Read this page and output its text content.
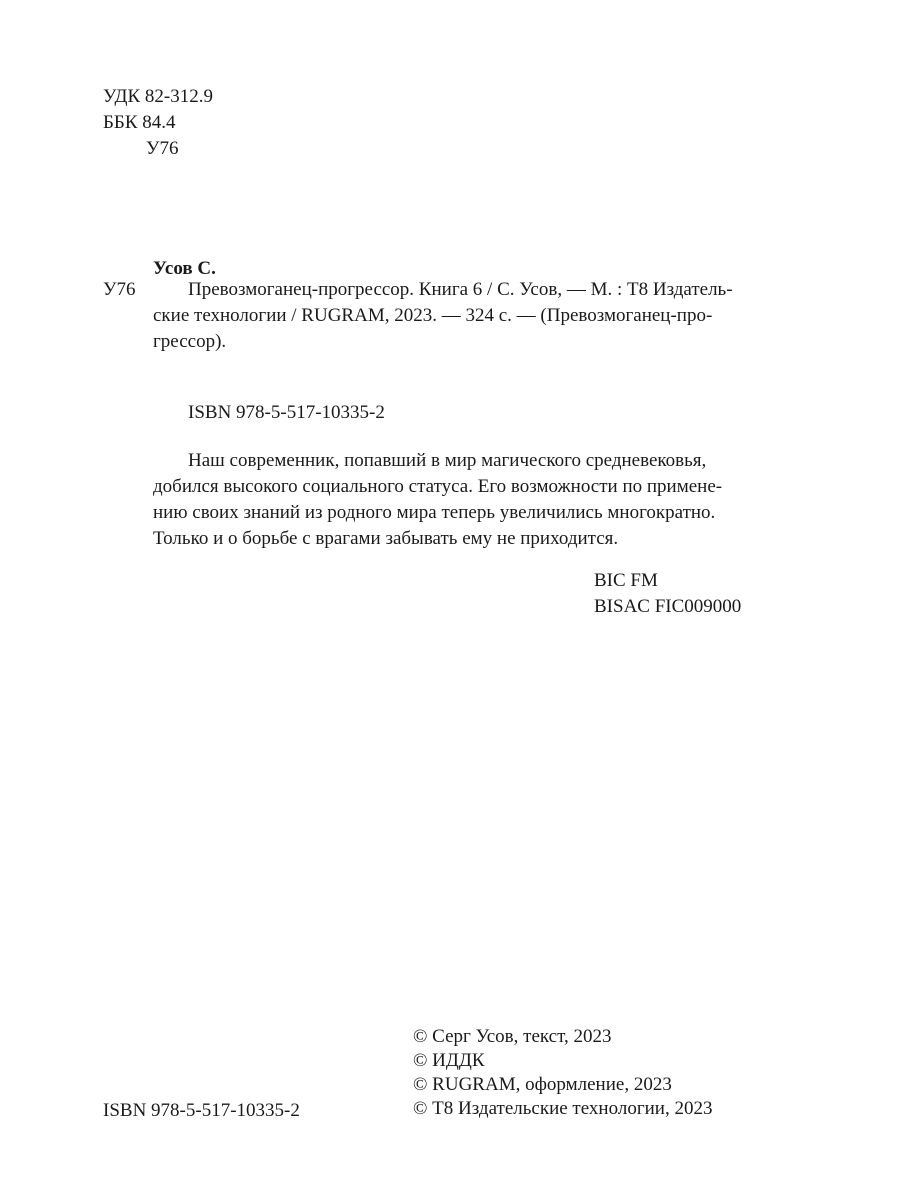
УДК 82-312.9
ББК 84.4
У76
Усов С.
У76	Превозмоганец-прогрессор. Книга 6 / С. Усов, — М. : Т8 Издатель-
ские технологии / RUGRAM, 2023. — 324 с. — (Превозмоганец-про-
грессор).
ISBN 978-5-517-10335-2
Наш современник, попавший в мир магического средневековья,
добился высокого социального статуса. Его возможности по примене-
нию своих знаний из родного мира теперь увеличились многократно.
Только и о борьбе с врагами забывать ему не приходится.
BIC FM
BISAC FIC009000
© Серг Усов, текст, 2023
© ИДДК
© RUGRAM, оформление, 2023
© Т8 Издательские технологии, 2023
ISBN 978-5-517-10335-2
